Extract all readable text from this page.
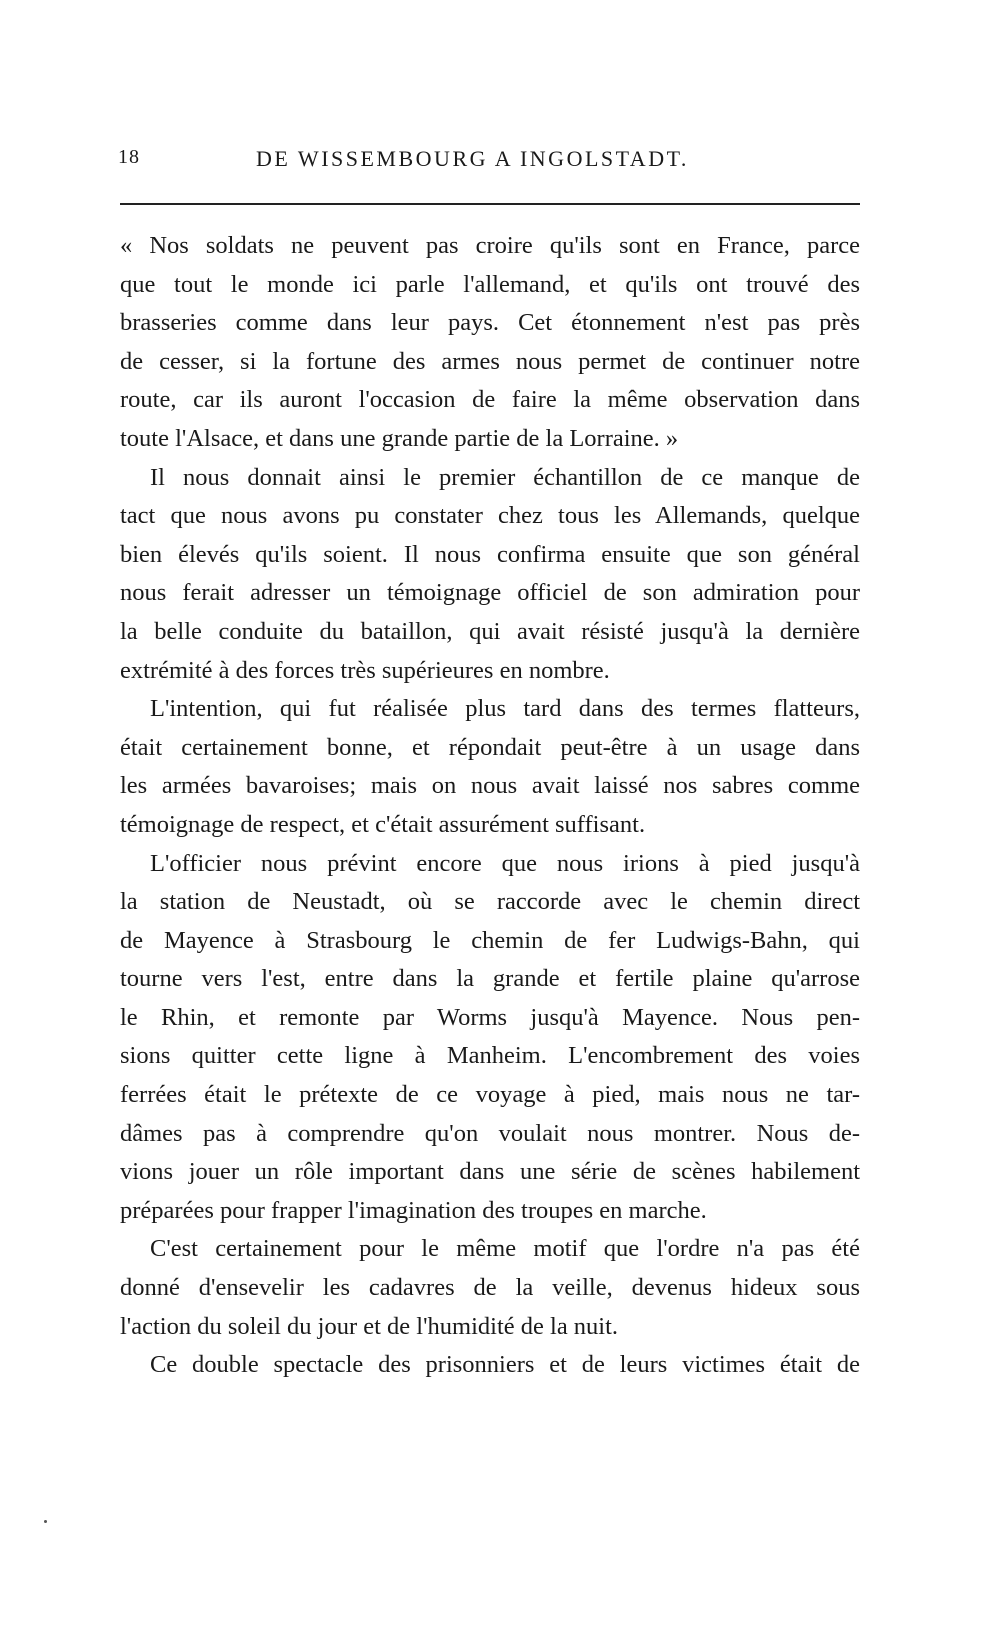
18	DE WISSEMBOURG A INGOLSTADT.
« Nos soldats ne peuvent pas croire qu'ils sont en France, parce
que tout le monde ici parle l'allemand, et qu'ils ont trouvé des
brasseries comme dans leur pays. Cet étonnement n'est pas près
de cesser, si la fortune des armes nous permet de continuer notre
route, car ils auront l'occasion de faire la même observation dans
toute l'Alsace, et dans une grande partie de la Lorraine. »
Il nous donnait ainsi le premier échantillon de ce manque de
tact que nous avons pu constater chez tous les Allemands, quelque
bien élevés qu'ils soient. Il nous confirma ensuite que son général
nous ferait adresser un témoignage officiel de son admiration pour
la belle conduite du bataillon, qui avait résisté jusqu'à la dernière
extrémité à des forces très supérieures en nombre.
L'intention, qui fut réalisée plus tard dans des termes flatteurs,
était certainement bonne, et répondait peut-être à un usage dans
les armées bavaroises; mais on nous avait laissé nos sabres comme
témoignage de respect, et c'était assurément suffisant.
L'officier nous prévint encore que nous irions à pied jusqu'à
la station de Neustadt, où se raccorde avec le chemin direct
de Mayence à Strasbourg le chemin de fer Ludwigs-Bahn, qui
tourne vers l'est, entre dans la grande et fertile plaine qu'arrose
le Rhin, et remonte par Worms jusqu'à Mayence. Nous pen-
sions quitter cette ligne à Manheim. L'encombrement des voies
ferrées était le prétexte de ce voyage à pied, mais nous ne tar-
dâmes pas à comprendre qu'on voulait nous montrer. Nous de-
vions jouer un rôle important dans une série de scènes habilement
préparées pour frapper l'imagination des troupes en marche.
C'est certainement pour le même motif que l'ordre n'a pas été
donné d'ensevelir les cadavres de la veille, devenus hideux sous
l'action du soleil du jour et de l'humidité de la nuit.
Ce double spectacle des prisonniers et de leurs victimes était de
